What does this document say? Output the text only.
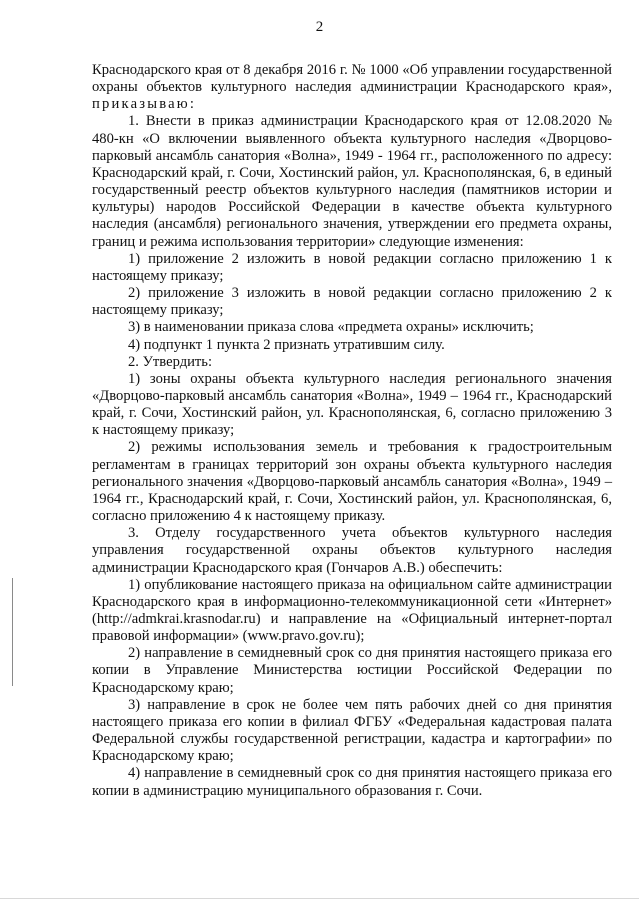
2

Краснодарского края от 8 декабря 2016 г. № 1000 «Об управлении государственной охраны объектов культурного наследия администрации Краснодарского края», приказываю:

1. Внести в приказ администрации Краснодарского края от 12.08.2020 № 480-кн «О включении выявленного объекта культурного наследия «Дворцово-парковый ансамбль санатория «Волна», 1949 - 1964 гг., расположенного по адресу: Краснодарский край, г. Сочи, Хостинский район, ул. Краснополянская, 6, в единый государственный реестр объектов культурного наследия (памятников истории и культуры) народов Российской Федерации в качестве объекта культурного наследия (ансамбля) регионального значения, утверждении его предмета охраны, границ и режима использования территории» следующие изменения:

1) приложение 2 изложить в новой редакции согласно приложению 1 к настоящему приказу;

2) приложение 3 изложить в новой редакции согласно приложению 2 к настоящему приказу;

3) в наименовании приказа слова «предмета охраны» исключить;

4) подпункт 1 пункта 2 признать утратившим силу.

2. Утвердить:

1) зоны охраны объекта культурного наследия регионального значения «Дворцово-парковый ансамбль санатория «Волна», 1949 – 1964 гг., Краснодарский край, г. Сочи, Хостинский район, ул. Краснополянская, 6, согласно приложению 3 к настоящему приказу;

2) режимы использования земель и требования к градостроительным регламентам в границах территорий зон охраны объекта культурного наследия регионального значения «Дворцово-парковый ансамбль санатория «Волна», 1949 – 1964 гг., Краснодарский край, г. Сочи, Хостинский район, ул. Краснополянская, 6, согласно приложению 4 к настоящему приказу.

3. Отделу государственного учета объектов культурного наследия управления государственной охраны объектов культурного наследия администрации Краснодарского края (Гончаров А.В.) обеспечить:

1) опубликование настоящего приказа на официальном сайте администрации Краснодарского края в информационно-телекоммуникационной сети «Интернет» (http://admkrai.krasnodar.ru) и направление на «Официальный интернет-портал правовой информации» (www.pravo.gov.ru);

2) направление в семидневный срок со дня принятия настоящего приказа его копии в Управление Министерства юстиции Российской Федерации по Краснодарскому краю;

3) направление в срок не более чем пять рабочих дней со дня принятия настоящего приказа его копии в филиал ФГБУ «Федеральная кадастровая палата Федеральной службы государственной регистрации, кадастра и картографии» по Краснодарскому краю;

4) направление в семидневный срок со дня принятия настоящего приказа его копии в администрацию муниципального образования г. Сочи.
